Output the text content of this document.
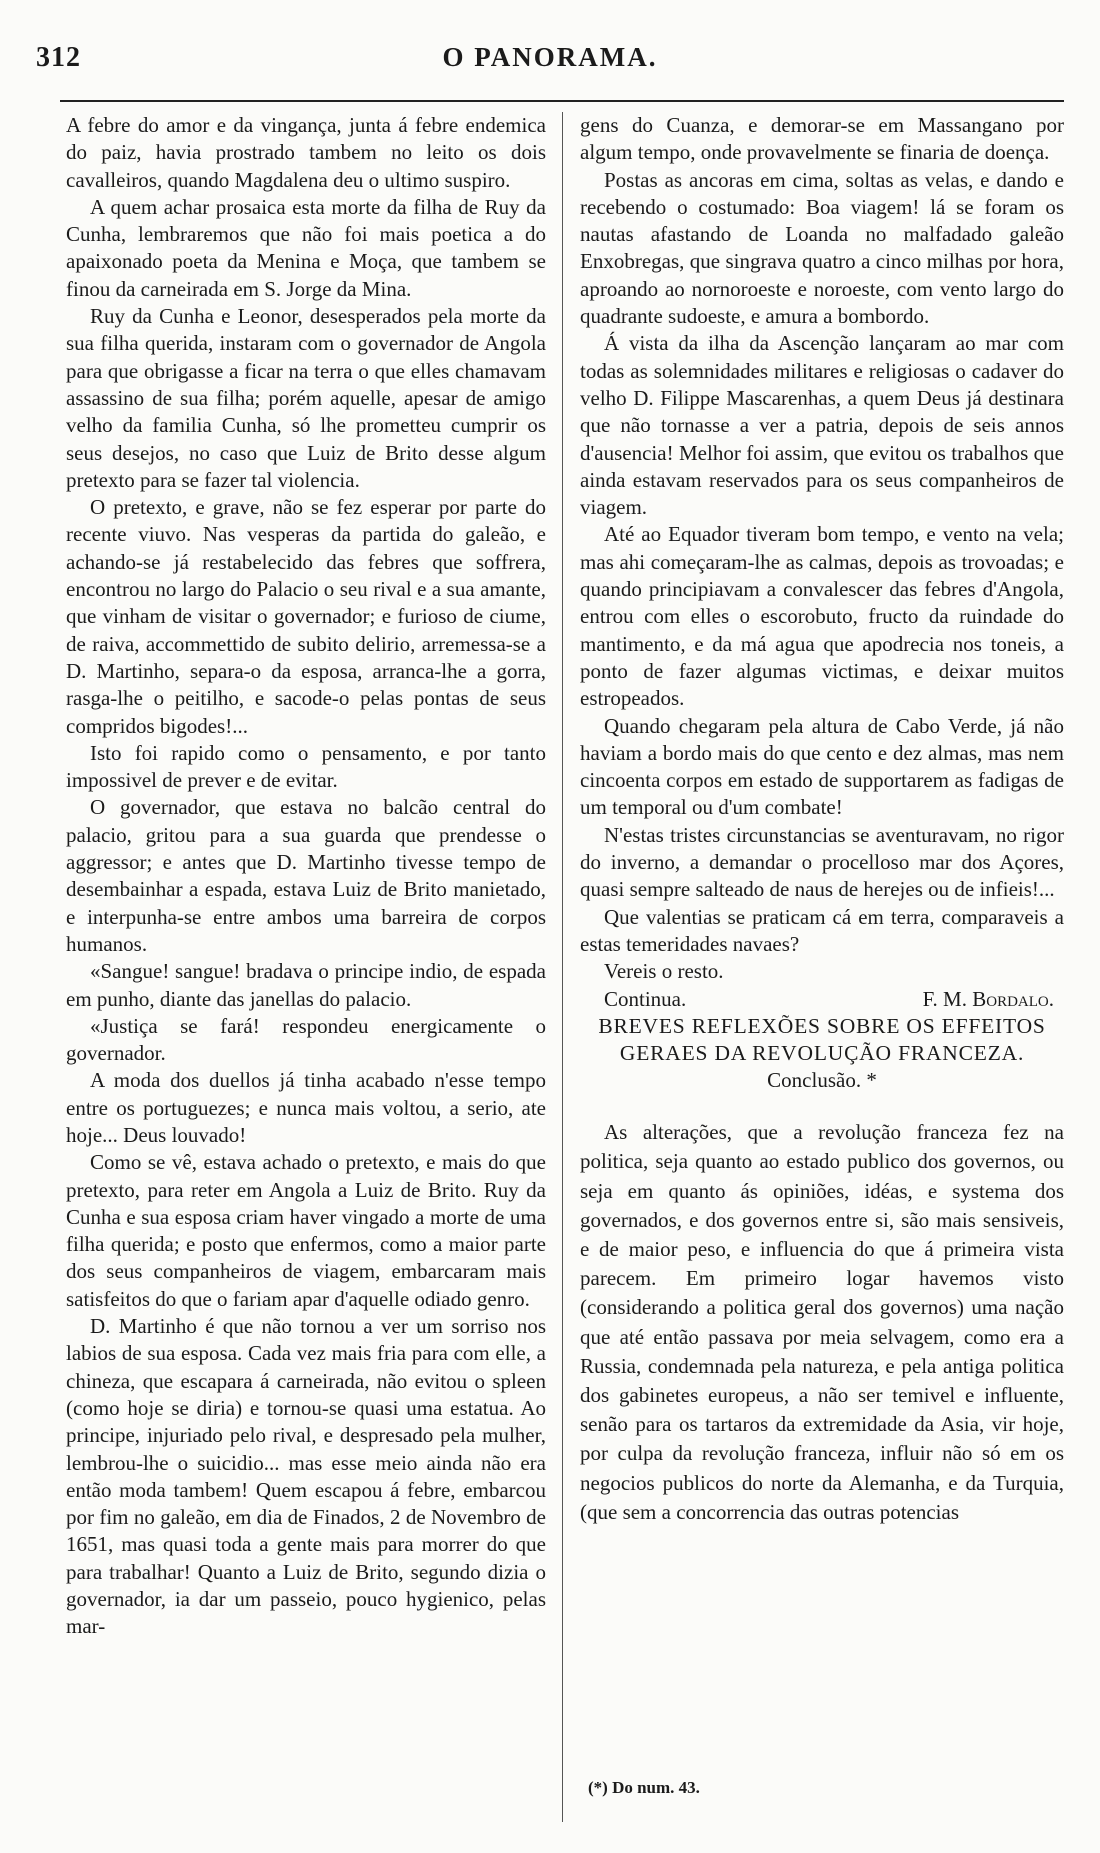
312	O PANORAMA.

A febre do amor e da vingança, junta á febre endemica do paiz, havia prostrado tambem no leito os dois cavalleiros, quando Magdalena deu o ultimo suspiro.

A quem achar prosaica esta morte da filha de Ruy da Cunha, lembraremos que não foi mais poetica a do apaixonado poeta da Menina e Moça, que tambem se finou da carneirada em S. Jorge da Mina.

Ruy da Cunha e Leonor, desesperados pela morte da sua filha querida, instaram com o governador de Angola para que obrigasse a ficar na terra o que elles chamavam assassino de sua filha; porém aquelle, apesar de amigo velho da familia Cunha, só lhe prometteu cumprir os seus desejos, no caso que Luiz de Brito desse algum pretexto para se fazer tal violencia.

O pretexto, e grave, não se fez esperar por parte do recente viuvo. Nas vesperas da partida do galeão, e achando-se já restabelecido das febres que soffrera, encontrou no largo do Palacio o seu rival e a sua amante, que vinham de visitar o governador; e furioso de ciume, de raiva, accommettido de subito delirio, arremessa-se a D. Martinho, separa-o da esposa, arranca-lhe a gorra, rasga-lhe o peitilho, e sacode-o pelas pontas de seus compridos bigodes!...

Isto foi rapido como o pensamento, e por tanto impossivel de prever e de evitar.

O governador, que estava no balcão central do palacio, gritou para a sua guarda que prendesse o aggressor; e antes que D. Martinho tivesse tempo de desembainhar a espada, estava Luiz de Brito manietado, e interpunha-se entre ambos uma barreira de corpos humanos.

«Sangue! sangue! bradava o principe indio, de espada em punho, diante das janellas do palacio.

«Justiça se fará! respondeu energicamente o governador.

A moda dos duellos já tinha acabado n'esse tempo entre os portuguezes; e nunca mais voltou, a serio, ate hoje... Deus louvado!

Como se vê, estava achado o pretexto, e mais do que pretexto, para reter em Angola a Luiz de Brito. Ruy da Cunha e sua esposa criam haver vingado a morte de uma filha querida; e posto que enfermos, como a maior parte dos seus companheiros de viagem, embarcaram mais satisfeitos do que o fariam apar d'aquelle odiado genro.

D. Martinho é que não tornou a ver um sorriso nos labios de sua esposa. Cada vez mais fria para com elle, a chineza, que escapara á carneirada, não evitou o spleen (como hoje se diria) e tornou-se quasi uma estatua. Ao principe, injuriado pelo rival, e despresado pela mulher, lembrou-lhe o suicidio... mas esse meio ainda não era então moda tambem! Quem escapou á febre, embarcou por fim no galeão, em dia de Finados, 2 de Novembro de 1651, mas quasi toda a gente mais para morrer do que para trabalhar! Quanto a Luiz de Brito, segundo dizia o governador, ia dar um passeio, pouco hygienico, pelas mar-

gens do Cuanza, e demorar-se em Massangano por algum tempo, onde provavelmente se finaria de doença.

Postas as ancoras em cima, soltas as velas, e dando e recebendo o costumado: Boa viagem! lá se foram os nautas afastando de Loanda no malfadado galeão Enxobregas, que singrava quatro a cinco milhas por hora, aproando ao nornoroeste e noroeste, com vento largo do quadrante sudoeste, e amura a bombordo.

Á vista da ilha da Ascenção lançaram ao mar com todas as solemnidades militares e religiosas o cadaver do velho D. Filippe Mascarenhas, a quem Deus já destinara que não tornasse a ver a patria, depois de seis annos d'ausencia! Melhor foi assim, que evitou os trabalhos que ainda estavam reservados para os seus companheiros de viagem.

Até ao Equador tiveram bom tempo, e vento na vela; mas ahi começaram-lhe as calmas, depois as trovoadas; e quando principiavam a convalescer das febres d'Angola, entrou com elles o escorobuto, fructo da ruindade do mantimento, e da má agua que apodrecia nos toneis, a ponto de fazer algumas victimas, e deixar muitos estropeados.

Quando chegaram pela altura de Cabo Verde, já não haviam a bordo mais do que cento e dez almas, mas nem cincoenta corpos em estado de supportarem as fadigas de um temporal ou d'um combate!

N'estas tristes circunstancias se aventuravam, no rigor do inverno, a demandar o procelloso mar dos Açores, quasi sempre salteado de naus de herejes ou de infieis!...

Que valentias se praticam cá em terra, comparaveis a estas temeridades navaes?

Vereis o resto.

Continua.	F. M. Bordalo.

BREVES REFLEXÕES SOBRE OS EFFEITOS GERAES DA REVOLUÇÃO FRANCEZA.

Conclusão. *

As alterações, que a revolução franceza fez na politica, seja quanto ao estado publico dos governos, ou seja em quanto ás opiniões, idéas, e systema dos governados, e dos governos entre si, são mais sensiveis, e de maior peso, e influencia do que á primeira vista parecem. Em primeiro logar havemos visto (considerando a politica geral dos governos) uma nação que até então passava por meia selvagem, como era a Russia, condemnada pela natureza, e pela antiga politica dos gabinetes europeus, a não ser temivel e influente, senão para os tartaros da extremidade da Asia, vir hoje, por culpa da revolução franceza, influir não só em os negocios publicos do norte da Alemanha, e da Turquia, (que sem a concorrencia das outras potencias

(*) Do num. 43.
